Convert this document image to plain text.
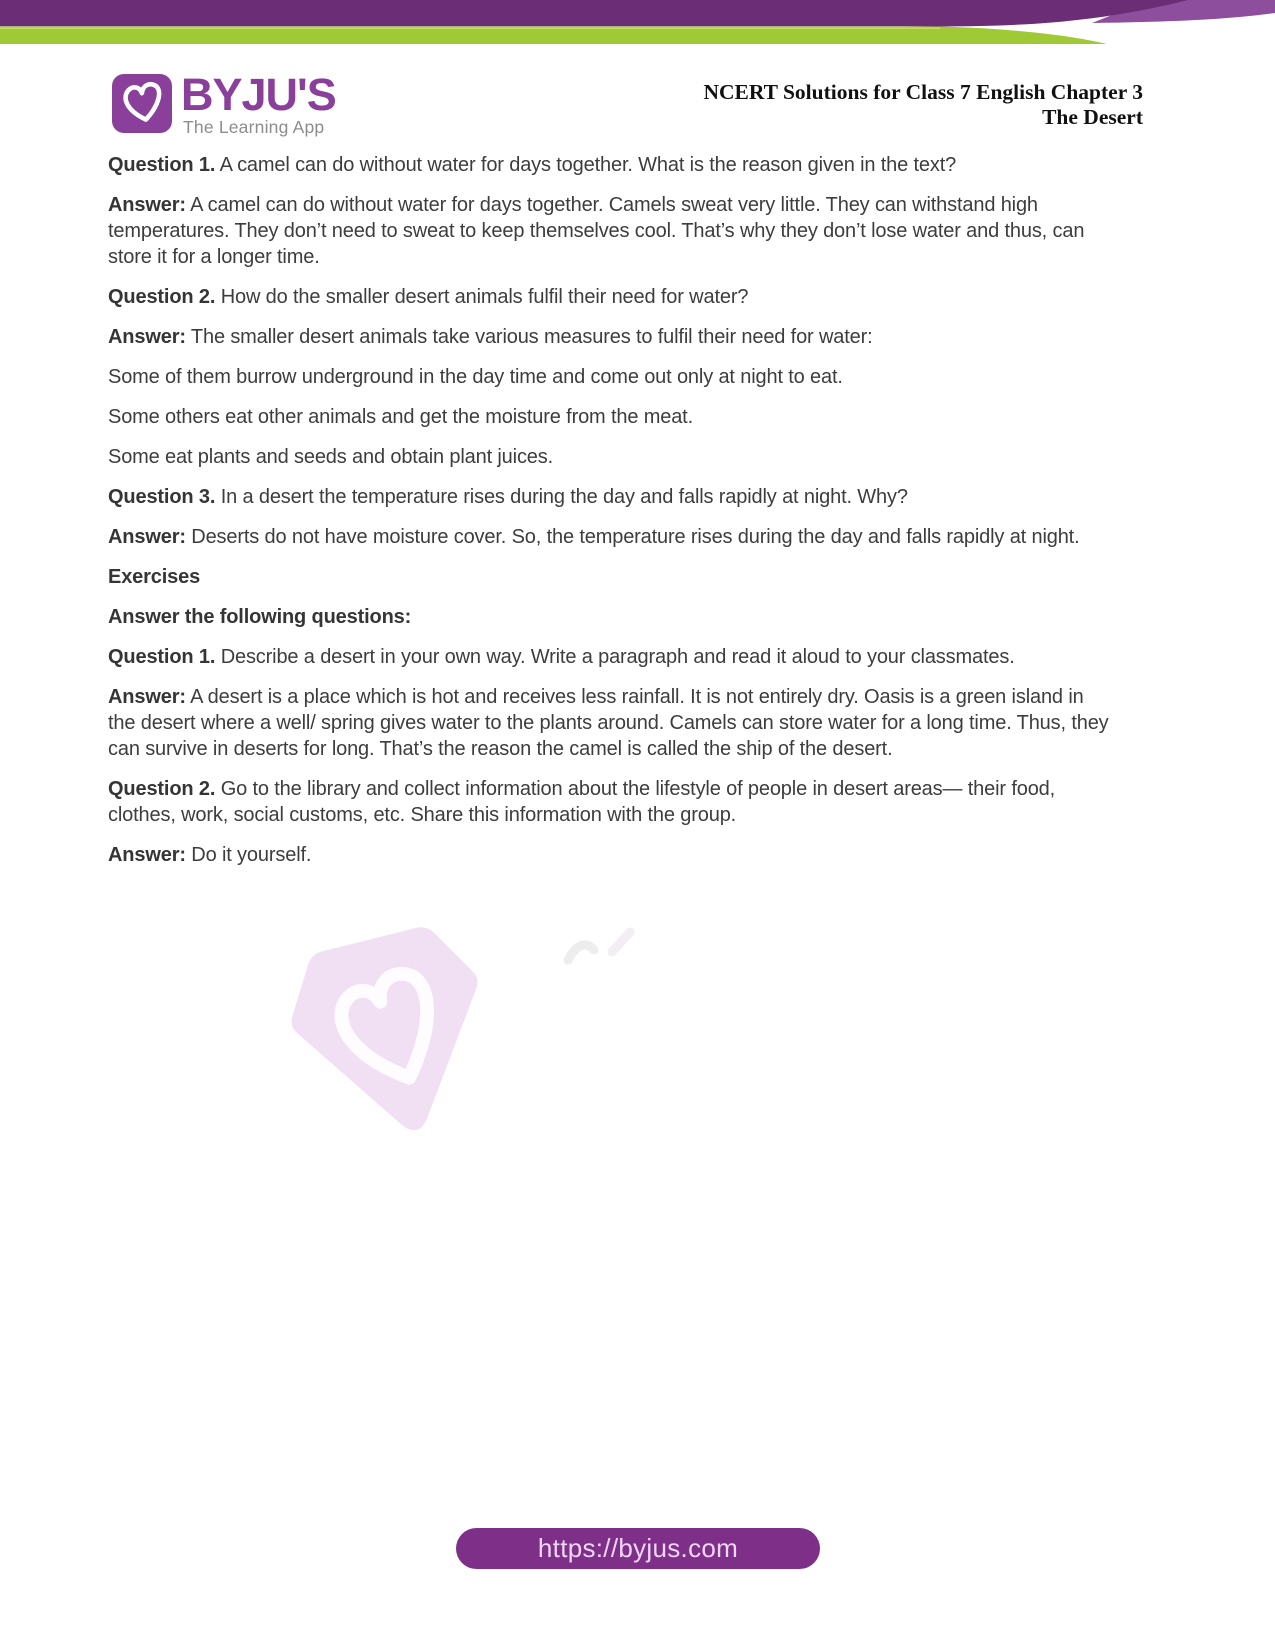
BYJU'S
The Learning App
NCERT Solutions for Class 7 English Chapter 3
The Desert

Question 1. A camel can do without water for days together. What is the reason given in the text?

Answer: A camel can do without water for days together. Camels sweat very little. They can withstand high temperatures. They don’t need to sweat to keep themselves cool. That’s why they don’t lose water and thus, can store it for a longer time.

Question 2. How do the smaller desert animals fulfil their need for water?

Answer: The smaller desert animals take various measures to fulfil their need for water:

Some of them burrow underground in the day time and come out only at night to eat.

Some others eat other animals and get the moisture from the meat.

Some eat plants and seeds and obtain plant juices.

Question 3. In a desert the temperature rises during the day and falls rapidly at night. Why?

Answer: Deserts do not have moisture cover. So, the temperature rises during the day and falls rapidly at night.

Exercises

Answer the following questions:

Question 1. Describe a desert in your own way. Write a paragraph and read it aloud to your classmates.

Answer: A desert is a place which is hot and receives less rainfall. It is not entirely dry. Oasis is a green island in the desert where a well/ spring gives water to the plants around. Camels can store water for a long time. Thus, they can survive in deserts for long. That’s the reason the camel is called the ship of the desert.

Question 2. Go to the library and collect information about the lifestyle of people in desert areas— their food, clothes, work, social customs, etc. Share this information with the group.

Answer: Do it yourself.

https://byjus.com
